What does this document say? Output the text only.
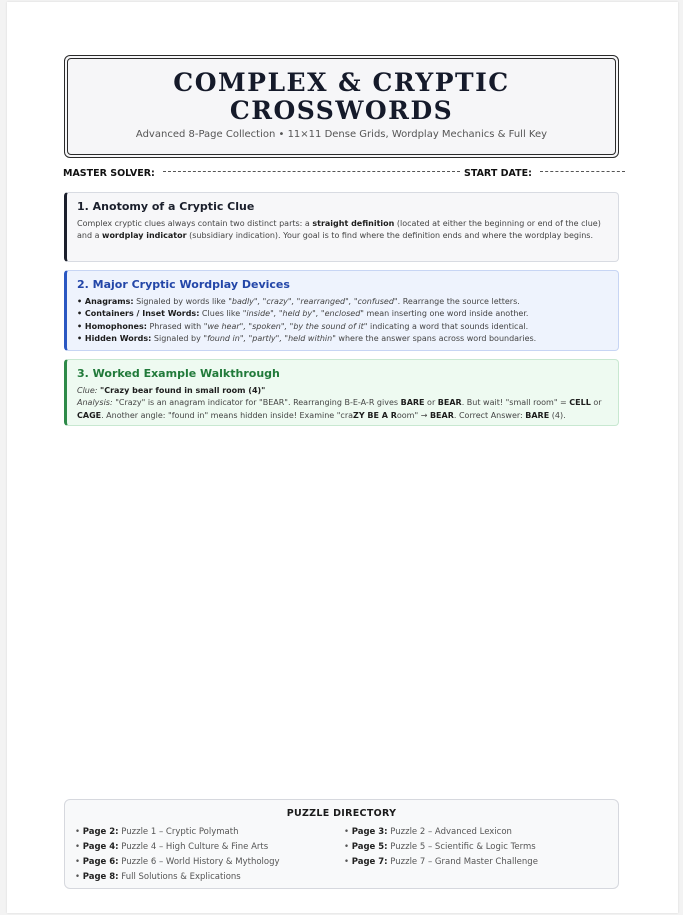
COMPLEX & CRYPTIC
CROSSWORDS
Advanced 8-Page Collection • 11×11 Dense Grids, Wordplay Mechanics & Full Key
MASTER SOLVER:	START DATE:
1. Anotomy of a Cryptic Clue

Complex cryptic clues always contain two distinct parts: a straight definition (located at either the beginning or end of the clue) and a wordplay indicator (subsidiary indication). Your goal is to find where the definition ends and where the wordplay begins.

2. Major Cryptic Wordplay Devices
• Anagrams: Signaled by words like "badly", "crazy", "rearranged", "confused". Rearrange the source letters.
• Containers / Inset Words: Clues like "inside", "held by", "enclosed" mean inserting one word inside another.
• Homophones: Phrased with "we hear", "spoken", "by the sound of it" indicating a word that sounds identical.
• Hidden Words: Signaled by "found in", "partly", "held within" where the answer spans across word boundaries.
3. Worked Example Walkthrough
Clue: "Crazy bear found in small room (4)"

Analysis: "Crazy" is an anagram indicator for "BEAR". Rearranging B-E-A-R gives BARE or BEAR. But wait! "small room" = CELL or CAGE. Another angle: "found in" means hidden inside! Examine "craZY BE A Room" → BEAR. Correct Answer: BARE (4).

PUZZLE DIRECTORY
• Page 2: Puzzle 1 – Cryptic Polymath	• Page 3: Puzzle 2 – Advanced Lexicon
• Page 4: Puzzle 4 – High Culture & Fine Arts	• Page 5: Puzzle 5 – Scientific & Logic Terms
• Page 6: Puzzle 6 – World History & Mythology	• Page 7: Puzzle 7 – Grand Master Challenge
• Page 8: Full Solutions & Explications
